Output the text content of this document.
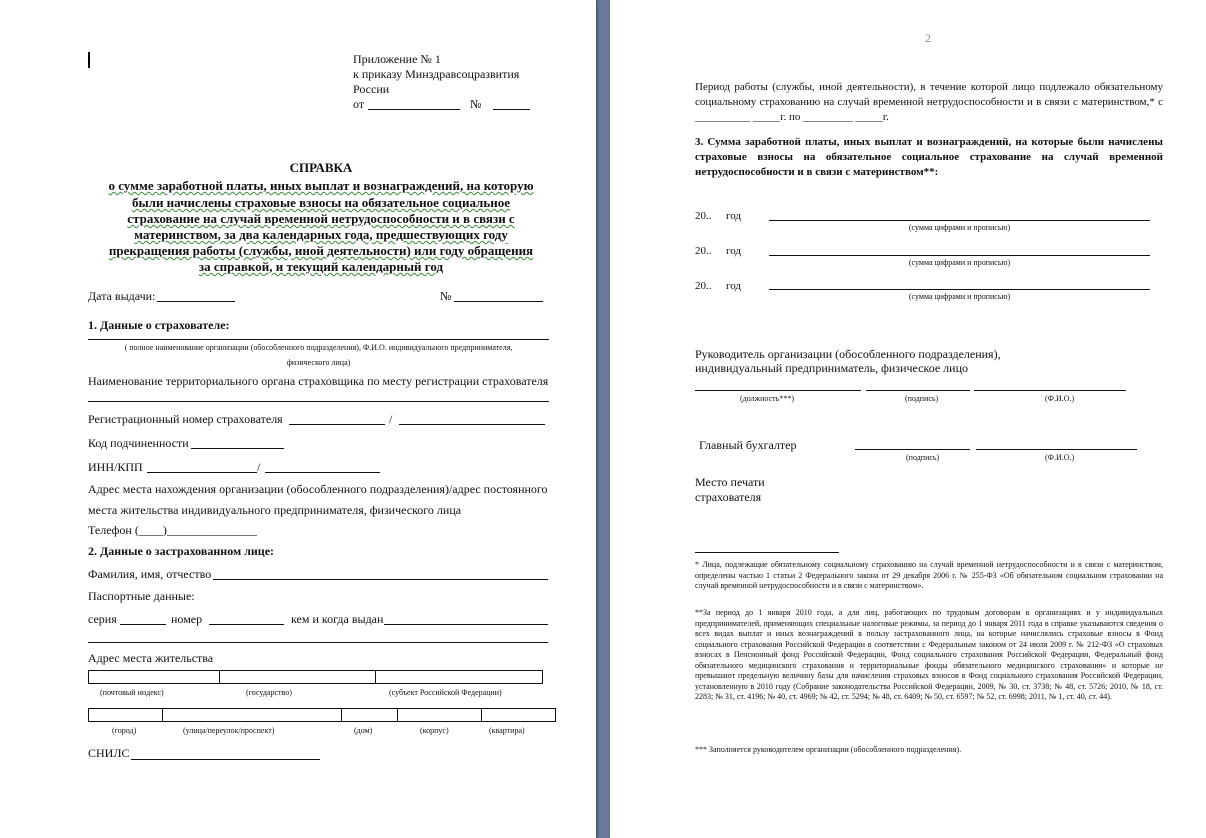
Приложение № 1
к приказу Минздравсоцразвития
России
от	№
СПРАВКА
о сумме заработной платы, иных выплат и вознаграждений, на которую
были начислены страховые взносы на обязательное социальное
страхование на случай временной нетрудоспособности и в связи с
материнством, за два календарных года, предшествующих году
прекращения работы (службы, иной деятельности) или году обращения
за справкой, и текущий календарный год
Дата выдачи:	№
1. Данные о страхователе:
( полное наименование организации (обособленного подразделения), Ф.И.О. индивидуального предпринимателя,
физического лица)
Наименование территориального органа страховщика по месту регистрации страхователя
Регистрационный номер страхователя	/
Код подчиненности
ИНН/КПП	/
Адрес места нахождения организации (обособленного подразделения)/адрес постоянного
места жительства индивидуального предпринимателя, физического лица
Телефон (____)_______________
2. Данные о застрахованном лице:
Фамилия, имя, отчество
Паспортные данные:
серия	номер	кем и когда выдан
Адрес места жительства
(почтовый индекс)	(государство)	(субъект Российской Федерации)
(город)	(улица/переулок/проспект)	(дом)	(корпус)	(квартира)
СНИЛС
2
Период работы (службы, иной деятельности), в течение которой лицо подлежало обязательному социальному страхованию на случай временной нетрудоспособности и в связи с материнством,* с __________ _____г. по _________ _____г.
3. Сумма заработной платы, иных выплат и вознаграждений, на которые были начислены страховые взносы на обязательное социальное страхование на случай временной нетрудоспособности и в связи с материнством**:
20.. год
(сумма цифрами и прописью)
20.. год
(сумма цифрами и прописью)
20.. год
(сумма цифрами и прописью)
Руководитель организации (обособленного подразделения),
индивидуальный предприниматель, физическое лицо
(должность***)	(подпись)	(Ф.И.О.)
Главный бухгалтер
(подпись)	(Ф.И.О.)
Место печати
страхователя
* Лица, подлежащие обязательному социальному страхованию на случай временной нетрудоспособности и в связи с материнством, определены частью 1 статьи 2 Федерального закона от 29 декабря 2006 г. № 255-ФЗ «Об обязательном социальном страховании на случай временной нетрудоспособности и в связи с материнством».
**За период до 1 января 2010 года, а для лиц, работающих по трудовым договорам в организациях и у индивидуальных предпринимателей, применяющих специальные налоговые режимы, за период до 1 января 2011 года в справке указываются сведения о всех видах выплат и иных вознаграждений в пользу застрахованного лица, на которые начислялись страховые взносы в Фонд социального страхования Российской Федерации в соответствии с Федеральным законом от 24 июля 2009 г. № 212-ФЗ «О страховых взносах в Пенсионный фонд Российской Федерации, Фонд социального страхования Российской Федерации, Федеральный фонд обязательного медицинского страхования и территориальные фонды обязательного медицинского страхования» и которые не превышают предельную величину базы для начисления страховых взносов в Фонд социального страхования Российской Федерации, установленную в 2010 году (Собрание законодательства Российской Федерации, 2009, № 30, ст. 3738; № 48, ст. 5726; 2010, № 18, ст. 2283; № 31, ст. 4196; № 40, ст. 4969; № 42, ст. 5294; № 48, ст. 6409; № 50, ст. 6597; № 52, ст. 6998; 2011, № 1, ст. 40, ст. 44).
*** Заполняется руководителем организации (обособленного подразделения).
